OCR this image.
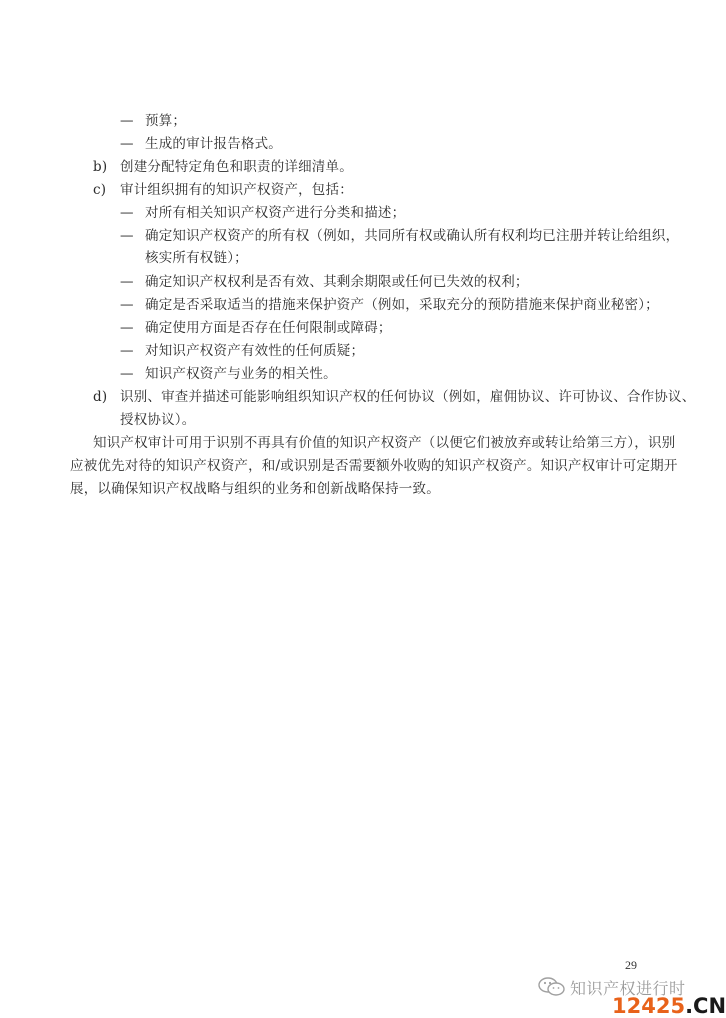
— 预算；

— 生成的审计报告格式。

b) 创建分配特定角色和职责的详细清单。

c) 审计组织拥有的知识产权资产，包括：

— 对所有相关知识产权资产进行分类和描述；

— 确定知识产权资产的所有权（例如，共同所有权或确认所有权利均已注册并转让给组织，

核实所有权链）；

— 确定知识产权权利是否有效、其剩余期限或任何已失效的权利；

— 确定是否采取适当的措施来保护资产（例如，采取充分的预防措施来保护商业秘密）；

— 确定使用方面是否存在任何限制或障碍；

— 对知识产权资产有效性的任何质疑；

— 知识产权资产与业务的相关性。

d) 识别、审查并描述可能影响组织知识产权的任何协议（例如，雇佣协议、许可协议、合作协议、

授权协议）。

知识产权审计可用于识别不再具有价值的知识产权资产（以便它们被放弃或转让给第三方），识别

应被优先对待的知识产权资产，和/或识别是否需要额外收购的知识产权资产。知识产权审计可定期开

展，以确保知识产权战略与组织的业务和创新战略保持一致。

29
知识产权进行时
12425.CN
